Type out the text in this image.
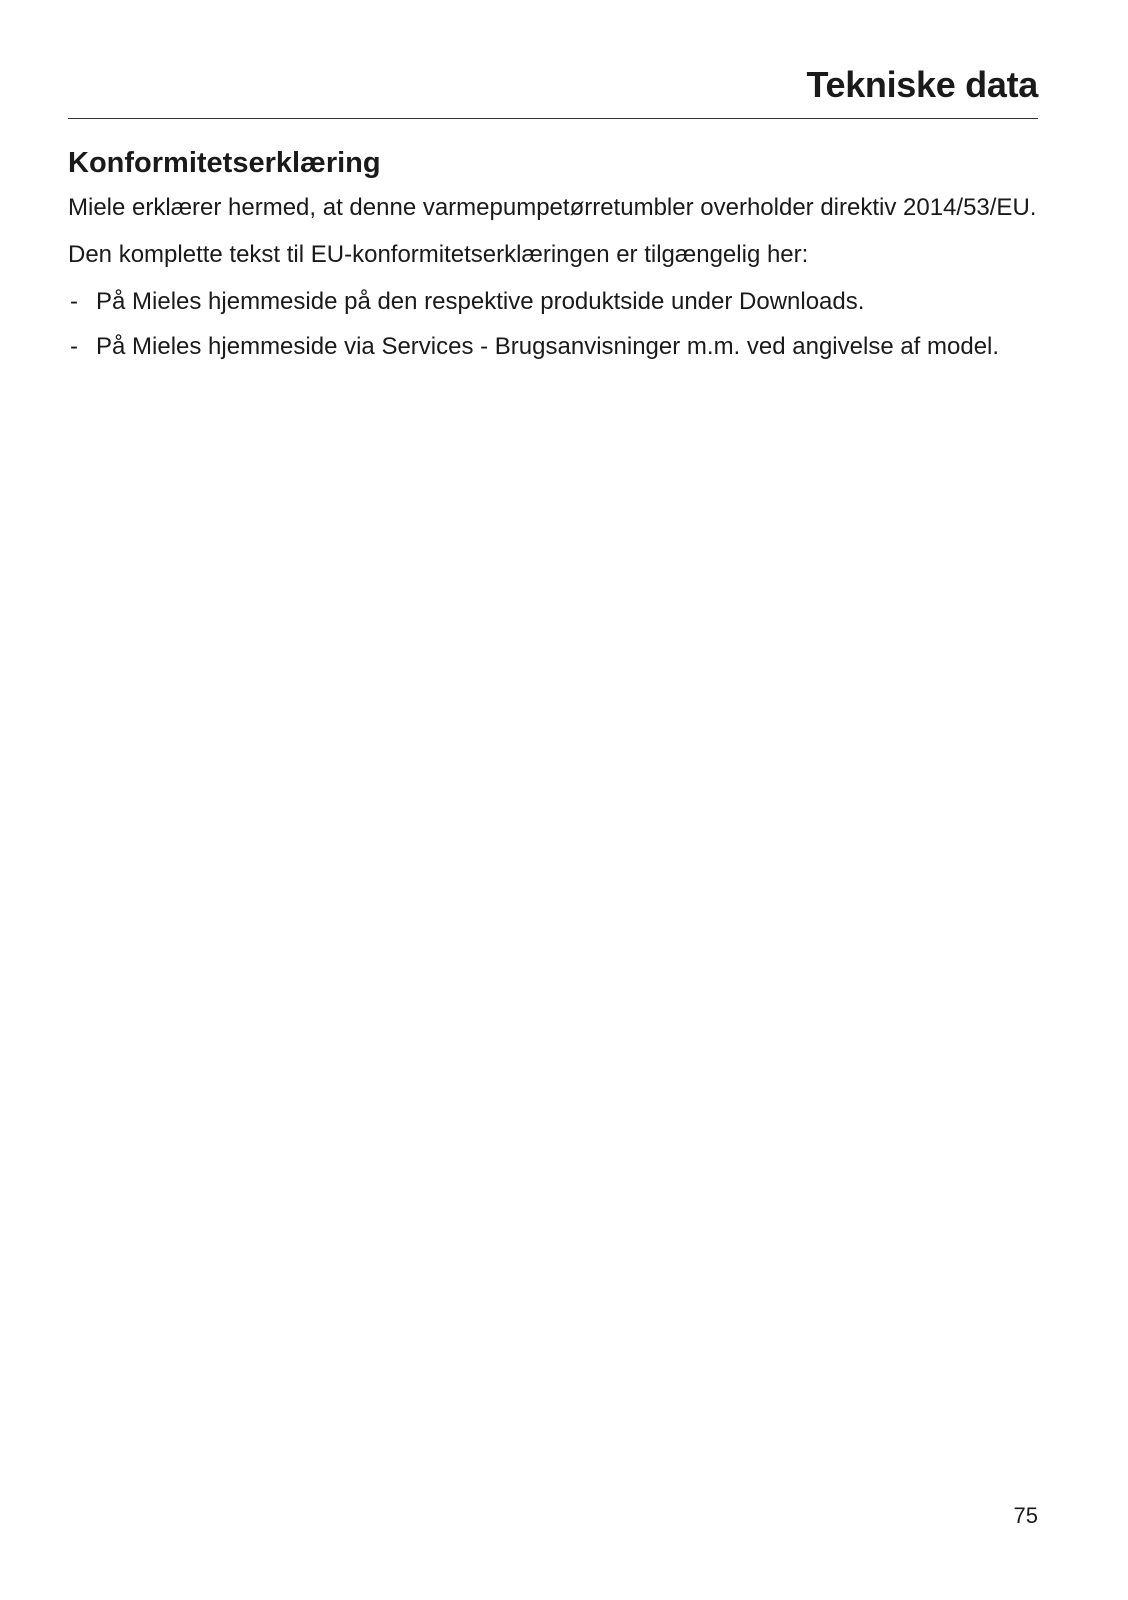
Tekniske data
Konformitetserklæring

Miele erklærer hermed, at denne varmepumpetørretumbler overholder direktiv 2014/53/EU.

Den komplette tekst til EU-konformitetserklæringen er tilgængelig her:

- På Mieles hjemmeside på den respektive produktside under Downloads.
- På Mieles hjemmeside via Services - Brugsanvisninger m.m. ved angivelse af model.
75
